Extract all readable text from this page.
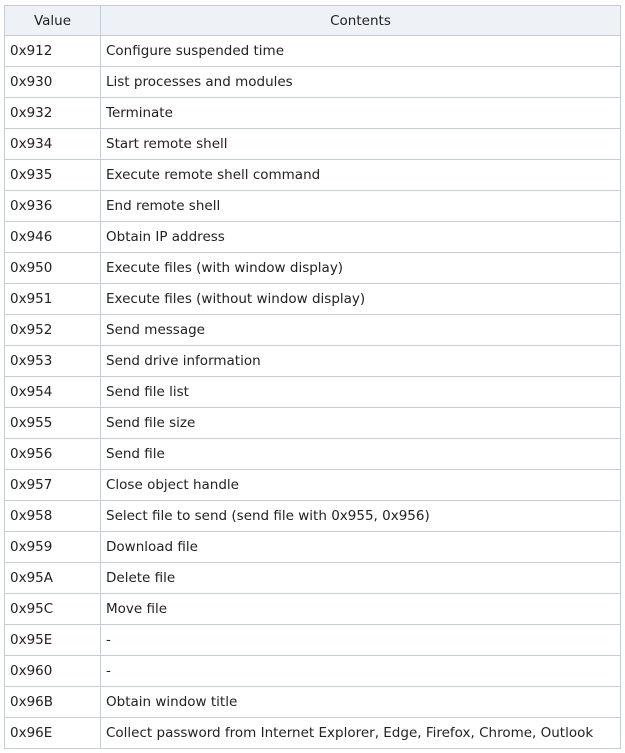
Value	Contents
0x912	Configure suspended time
0x930	List processes and modules
0x932	Terminate
0x934	Start remote shell
0x935	Execute remote shell command
0x936	End remote shell
0x946	Obtain IP address
0x950	Execute files (with window display)
0x951	Execute files (without window display)
0x952	Send message
0x953	Send drive information
0x954	Send file list
0x955	Send file size
0x956	Send file
0x957	Close object handle
0x958	Select file to send (send file with 0x955, 0x956)
0x959	Download file
0x95A	Delete file
0x95C	Move file
0x95E	-
0x960	-
0x96B	Obtain window title
0x96E	Collect password from Internet Explorer, Edge, Firefox, Chrome, Outlook
